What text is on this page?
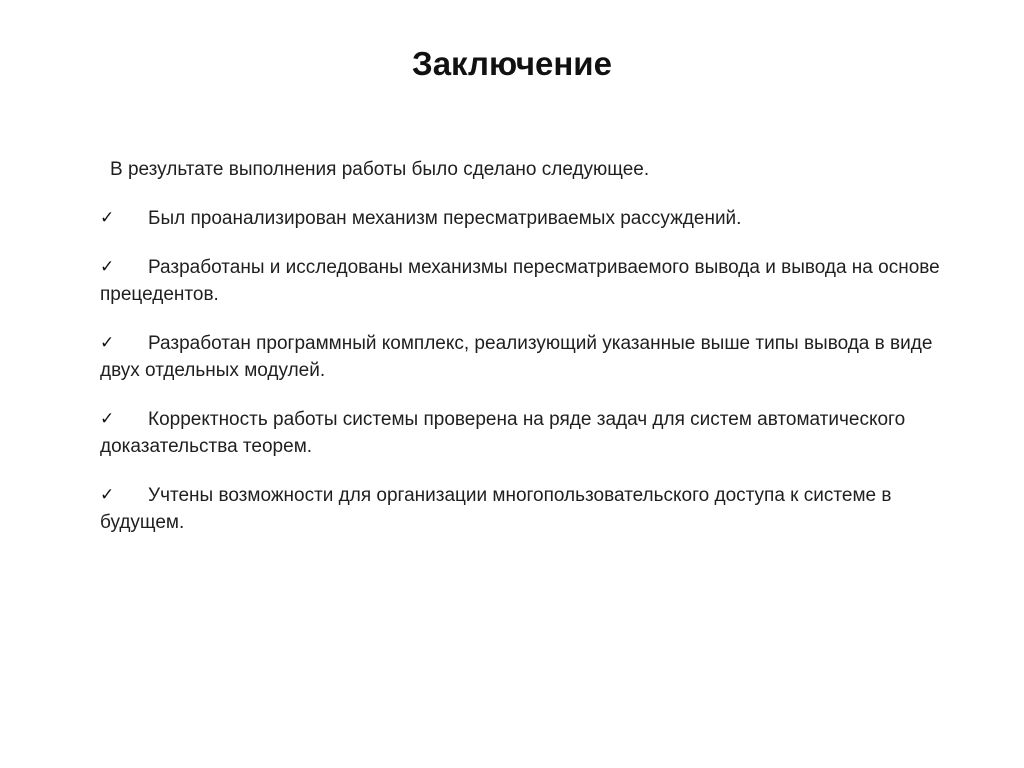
Заключение

В результате выполнения работы было сделано следующее.

✓	Был проанализирован механизм пересматриваемых рассуждений.
✓	Разработаны и исследованы механизмы пересматриваемого вывода и вывода на основе прецедентов.
✓	Разработан программный комплекс, реализующий указанные выше типы вывода в виде двух отдельных модулей.
✓	Корректность работы системы проверена на ряде задач для систем автоматического доказательства теорем.
✓	Учтены возможности для организации многопользовательского доступа к системе в будущем.
